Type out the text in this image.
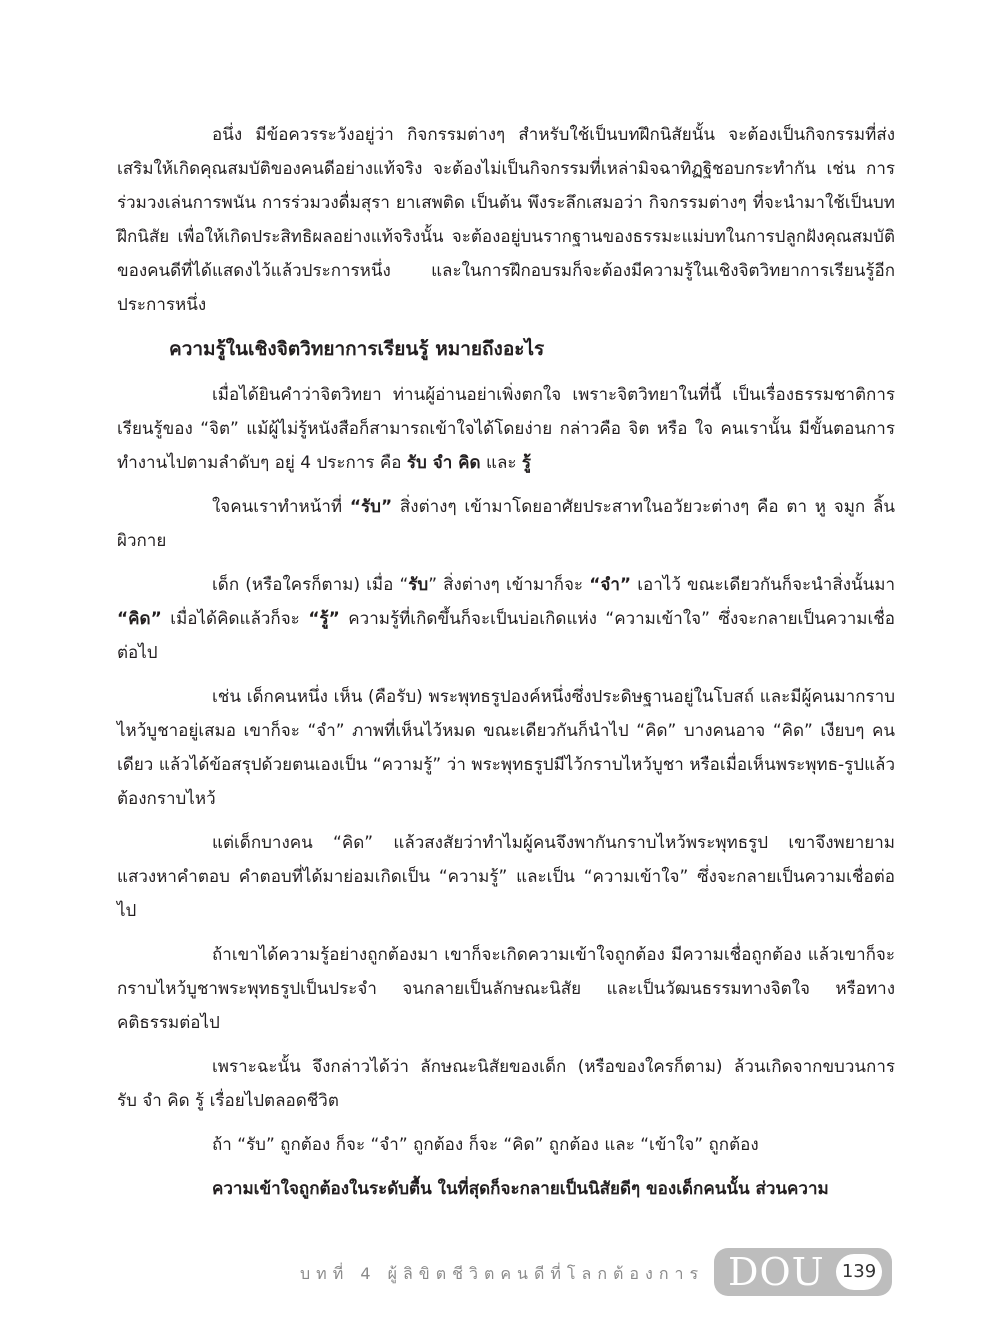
อนึ่ง มีข้อควรระวังอยู่ว่า กิจกรรมต่างๆ สำหรับใช้เป็นบทฝึกนิสัยนั้น จะต้องเป็นกิจกรรมที่ส่งเสริมให้เกิดคุณสมบัติของคนดีอย่างแท้จริง จะต้องไม่เป็นกิจกรรมที่เหล่ามิจฉาทิฏฐิชอบกระทำกัน เช่น การร่วมวงเล่นการพนัน การร่วมวงดื่มสุรา ยาเสพติด เป็นต้น พึงระลึกเสมอว่า กิจกรรมต่างๆ ที่จะนำมาใช้เป็นบทฝึกนิสัย เพื่อให้เกิดประสิทธิผลอย่างแท้จริงนั้น จะต้องอยู่บนรากฐานของธรรมะแม่บทในการปลูกฝังคุณสมบัติของคนดีที่ได้แสดงไว้แล้วประการหนึ่ง และในการฝึกอบรมก็จะต้องมีความรู้ในเชิงจิตวิทยาการเรียนรู้อีกประการหนึ่ง

ความรู้ในเชิงจิตวิทยาการเรียนรู้ หมายถึงอะไร

เมื่อได้ยินคำว่าจิตวิทยา ท่านผู้อ่านอย่าเพิ่งตกใจ เพราะจิตวิทยาในที่นี้ เป็นเรื่องธรรมชาติการเรียนรู้ของ “จิต” แม้ผู้ไม่รู้หนังสือก็สามารถเข้าใจได้โดยง่าย กล่าวคือ จิต หรือ ใจ คนเรานั้น มีขั้นตอนการทำงานไปตามลำดับๆ อยู่ 4 ประการ คือ รับ จำ คิด และ รู้

ใจคนเราทำหน้าที่ “รับ” สิ่งต่างๆ เข้ามาโดยอาศัยประสาทในอวัยวะต่างๆ คือ ตา หู จมูก ลิ้น ผิวกาย

เด็ก (หรือใครก็ตาม) เมื่อ “รับ” สิ่งต่างๆ เข้ามาก็จะ “จำ” เอาไว้ ขณะเดียวกันก็จะนำสิ่งนั้นมา “คิด” เมื่อได้คิดแล้วก็จะ “รู้” ความรู้ที่เกิดขึ้นก็จะเป็นบ่อเกิดแห่ง “ความเข้าใจ” ซึ่งจะกลายเป็นความเชื่อต่อไป

เช่น เด็กคนหนึ่ง เห็น (คือรับ) พระพุทธรูปองค์หนึ่งซึ่งประดิษฐานอยู่ในโบสถ์ และมีผู้คนมากราบไหว้บูชาอยู่เสมอ เขาก็จะ “จำ” ภาพที่เห็นไว้หมด ขณะเดียวกันก็นำไป “คิด” บางคนอาจ “คิด” เงียบๆ คนเดียว แล้วได้ข้อสรุปด้วยตนเองเป็น “ความรู้” ว่า พระพุทธรูปมีไว้กราบไหว้บูชา หรือเมื่อเห็นพระพุทธ-รูปแล้วต้องกราบไหว้

แต่เด็กบางคน “คิด” แล้วสงสัยว่าทำไมผู้คนจึงพากันกราบไหว้พระพุทธรูป เขาจึงพยายามแสวงหาคำตอบ คำตอบที่ได้มาย่อมเกิดเป็น “ความรู้” และเป็น “ความเข้าใจ” ซึ่งจะกลายเป็นความเชื่อต่อไป

ถ้าเขาได้ความรู้อย่างถูกต้องมา เขาก็จะเกิดความเข้าใจถูกต้อง มีความเชื่อถูกต้อง แล้วเขาก็จะกราบไหว้บูชาพระพุทธรูปเป็นประจำ จนกลายเป็นลักษณะนิสัย และเป็นวัฒนธรรมทางจิตใจ หรือทางคติธรรมต่อไป

เพราะฉะนั้น จึงกล่าวได้ว่า ลักษณะนิสัยของเด็ก (หรือของใครก็ตาม) ล้วนเกิดจากขบวนการ รับ จำ คิด รู้ เรื่อยไปตลอดชีวิต

ถ้า “รับ” ถูกต้อง ก็จะ “จำ” ถูกต้อง ก็จะ “คิด” ถูกต้อง และ “เข้าใจ” ถูกต้อง

ความเข้าใจถูกต้องในระดับตื้น ในที่สุดก็จะกลายเป็นนิสัยดีๆ ของเด็กคนนั้น ส่วนความ

บทที่ 4 ผู้ลิขิตชีวิตคนดีที่โลกต้องการ DOU 139
